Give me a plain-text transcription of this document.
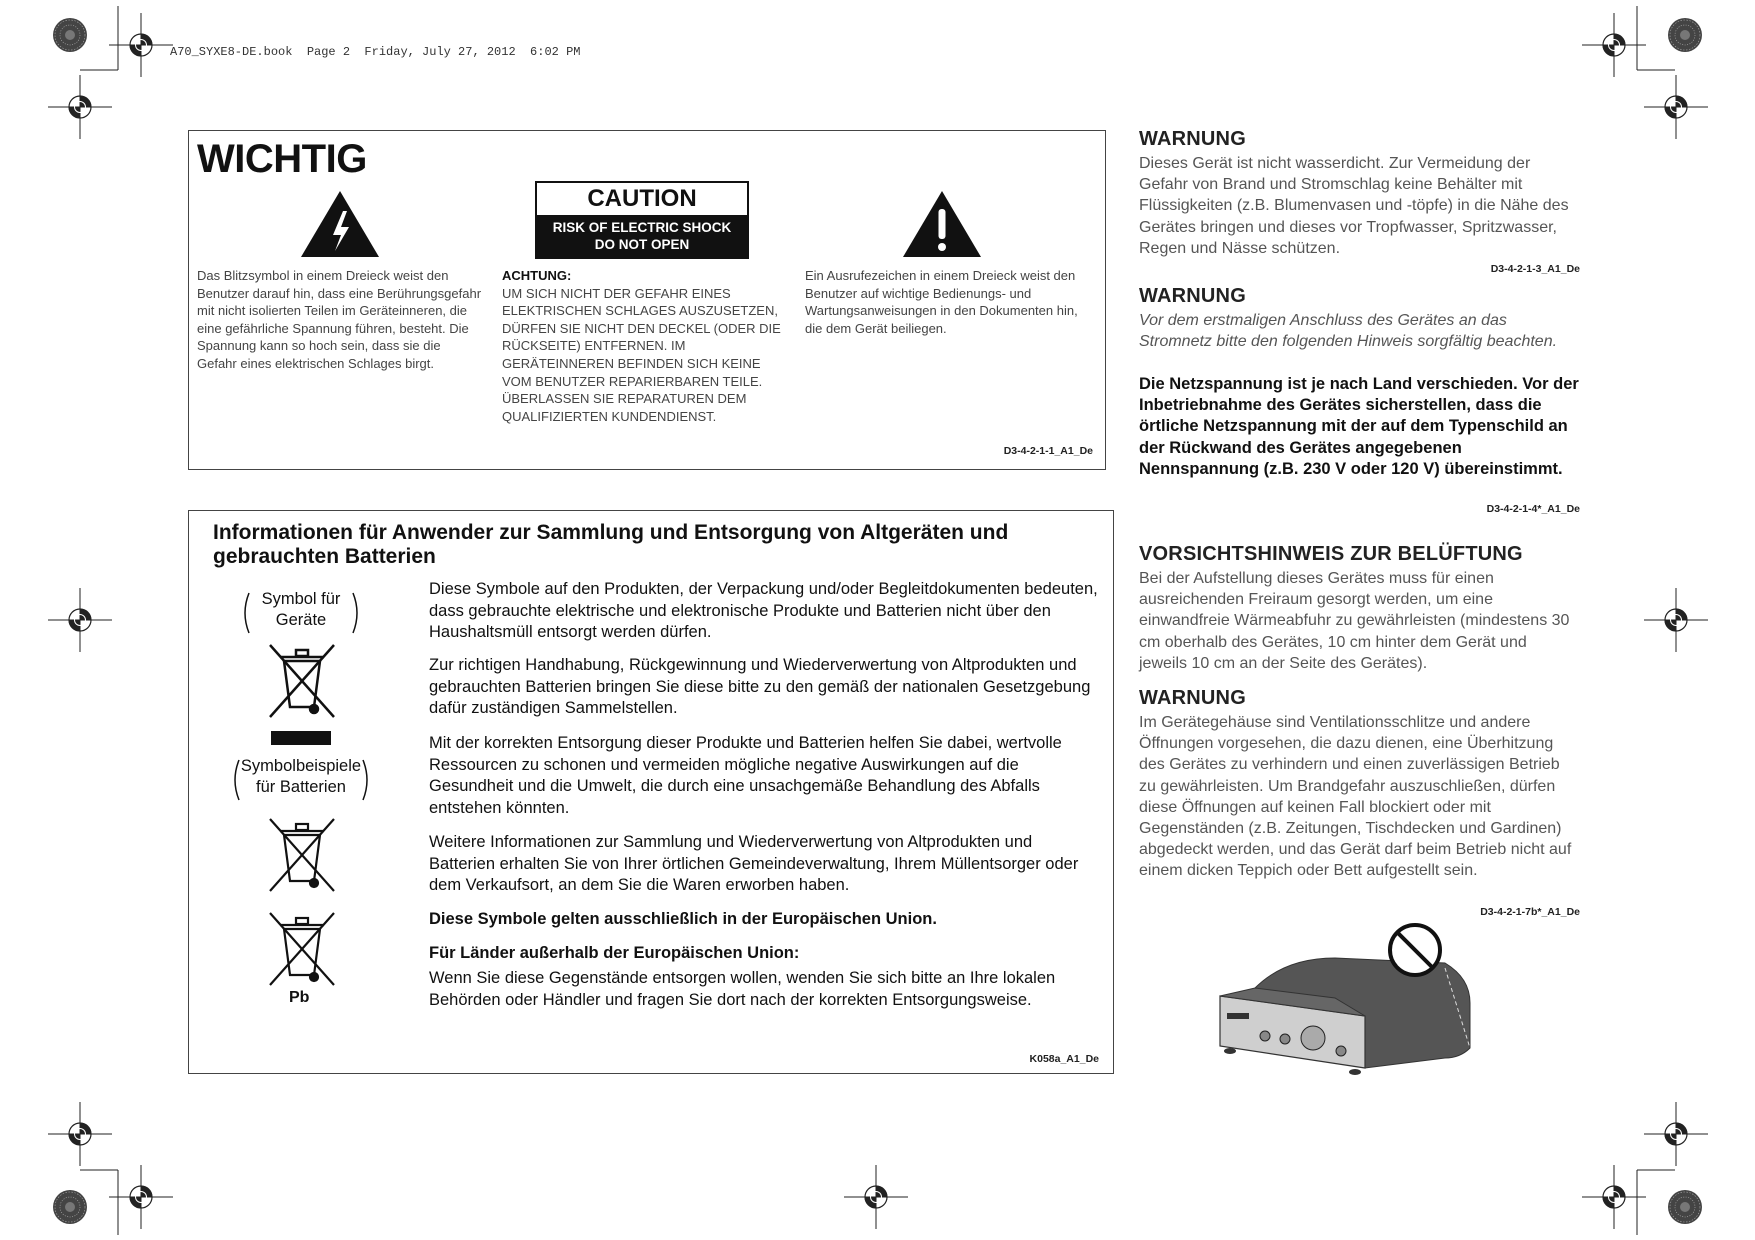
A70_SYXE8-DE.book  Page 2  Friday, July 27, 2012  6:02 PM
WICHTIG
CAUTION
RISK OF ELECTRIC SHOCK
DO NOT OPEN
Das Blitzsymbol in einem Dreieck weist den Benutzer darauf hin, dass eine Berührungsgefahr mit nicht isolierten Teilen im Geräteinneren, die eine gefährliche Spannung führen, besteht. Die Spannung kann so hoch sein, dass sie die Gefahr eines elektrischen Schlages birgt.
ACHTUNG:
UM SICH NICHT DER GEFAHR EINES ELEKTRISCHEN SCHLAGES AUSZUSETZEN, DÜRFEN SIE NICHT DEN DECKEL (ODER DIE RÜCKSEITE) ENTFERNEN. IM GERÄTEINNEREN BEFINDEN SICH KEINE VOM BENUTZER REPARIERBAREN TEILE. ÜBERLASSEN SIE REPARATUREN DEM QUALIFIZIERTEN KUNDENDIENST.
Ein Ausrufezeichen in einem Dreieck weist den Benutzer auf wichtige Bedienungs- und Wartungsanweisungen in den Dokumenten hin, die dem Gerät beiliegen.
D3-4-2-1-1_A1_De
Informationen für Anwender zur Sammlung und Entsorgung von Altgeräten und gebrauchten Batterien
Symbol für Geräte
Symbolbeispiele für Batterien
Pb
Diese Symbole auf den Produkten, der Verpackung und/oder Begleitdokumenten bedeuten, dass gebrauchte elektrische und elektronische Produkte und Batterien nicht über den Haushaltsmüll entsorgt werden dürfen.
Zur richtigen Handhabung, Rückgewinnung und Wiederverwertung von Altprodukten und gebrauchten Batterien bringen Sie diese bitte zu den gemäß der nationalen Gesetzgebung dafür zuständigen Sammelstellen.
Mit der korrekten Entsorgung dieser Produkte und Batterien helfen Sie dabei, wertvolle Ressourcen zu schonen und vermeiden mögliche negative Auswirkungen auf die Gesundheit und die Umwelt, die durch eine unsachgemäße Behandlung des Abfalls entstehen könnten.
Weitere Informationen zur Sammlung und Wiederverwertung von Altprodukten und Batterien erhalten Sie von Ihrer örtlichen Gemeindeverwaltung, Ihrem Müllentsorger oder dem Verkaufsort, an dem Sie die Waren erworben haben.
Diese Symbole gelten ausschließlich in der Europäischen Union.
Für Länder außerhalb der Europäischen Union:
Wenn Sie diese Gegenstände entsorgen wollen, wenden Sie sich bitte an Ihre lokalen Behörden oder Händler und fragen Sie dort nach der korrekten Entsorgungsweise.
K058a_A1_De
WARNUNG
Dieses Gerät ist nicht wasserdicht. Zur Vermeidung der Gefahr von Brand und Stromschlag keine Behälter mit Flüssigkeiten (z.B. Blumenvasen und -töpfe) in die Nähe des Gerätes bringen und dieses vor Tropfwasser, Spritzwasser, Regen und Nässe schützen.
D3-4-2-1-3_A1_De
WARNUNG
Vor dem erstmaligen Anschluss des Gerätes an das Stromnetz bitte den folgenden Hinweis sorgfältig beachten.
Die Netzspannung ist je nach Land verschieden. Vor der Inbetriebnahme des Gerätes sicherstellen, dass die örtliche Netzspannung mit der auf dem Typenschild an der Rückwand des Gerätes angegebenen Nennspannung (z.B. 230 V oder 120 V) übereinstimmt.
D3-4-2-1-4*_A1_De
VORSICHTSHINWEIS ZUR BELÜFTUNG
Bei der Aufstellung dieses Gerätes muss für einen ausreichenden Freiraum gesorgt werden, um eine einwandfreie Wärmeabfuhr zu gewährleisten (mindestens 30 cm oberhalb des Gerätes, 10 cm hinter dem Gerät und jeweils 10 cm an der Seite des Gerätes).
WARNUNG
Im Gerätegehäuse sind Ventilationsschlitze und andere Öffnungen vorgesehen, die dazu dienen, eine Überhitzung des Gerätes zu verhindern und einen zuverlässigen Betrieb zu gewährleisten. Um Brandgefahr auszuschließen, dürfen diese Öffnungen auf keinen Fall blockiert oder mit Gegenständen (z.B. Zeitungen, Tischdecken und Gardinen) abgedeckt werden, und das Gerät darf beim Betrieb nicht auf einem dicken Teppich oder Bett aufgestellt sein.
D3-4-2-1-7b*_A1_De
